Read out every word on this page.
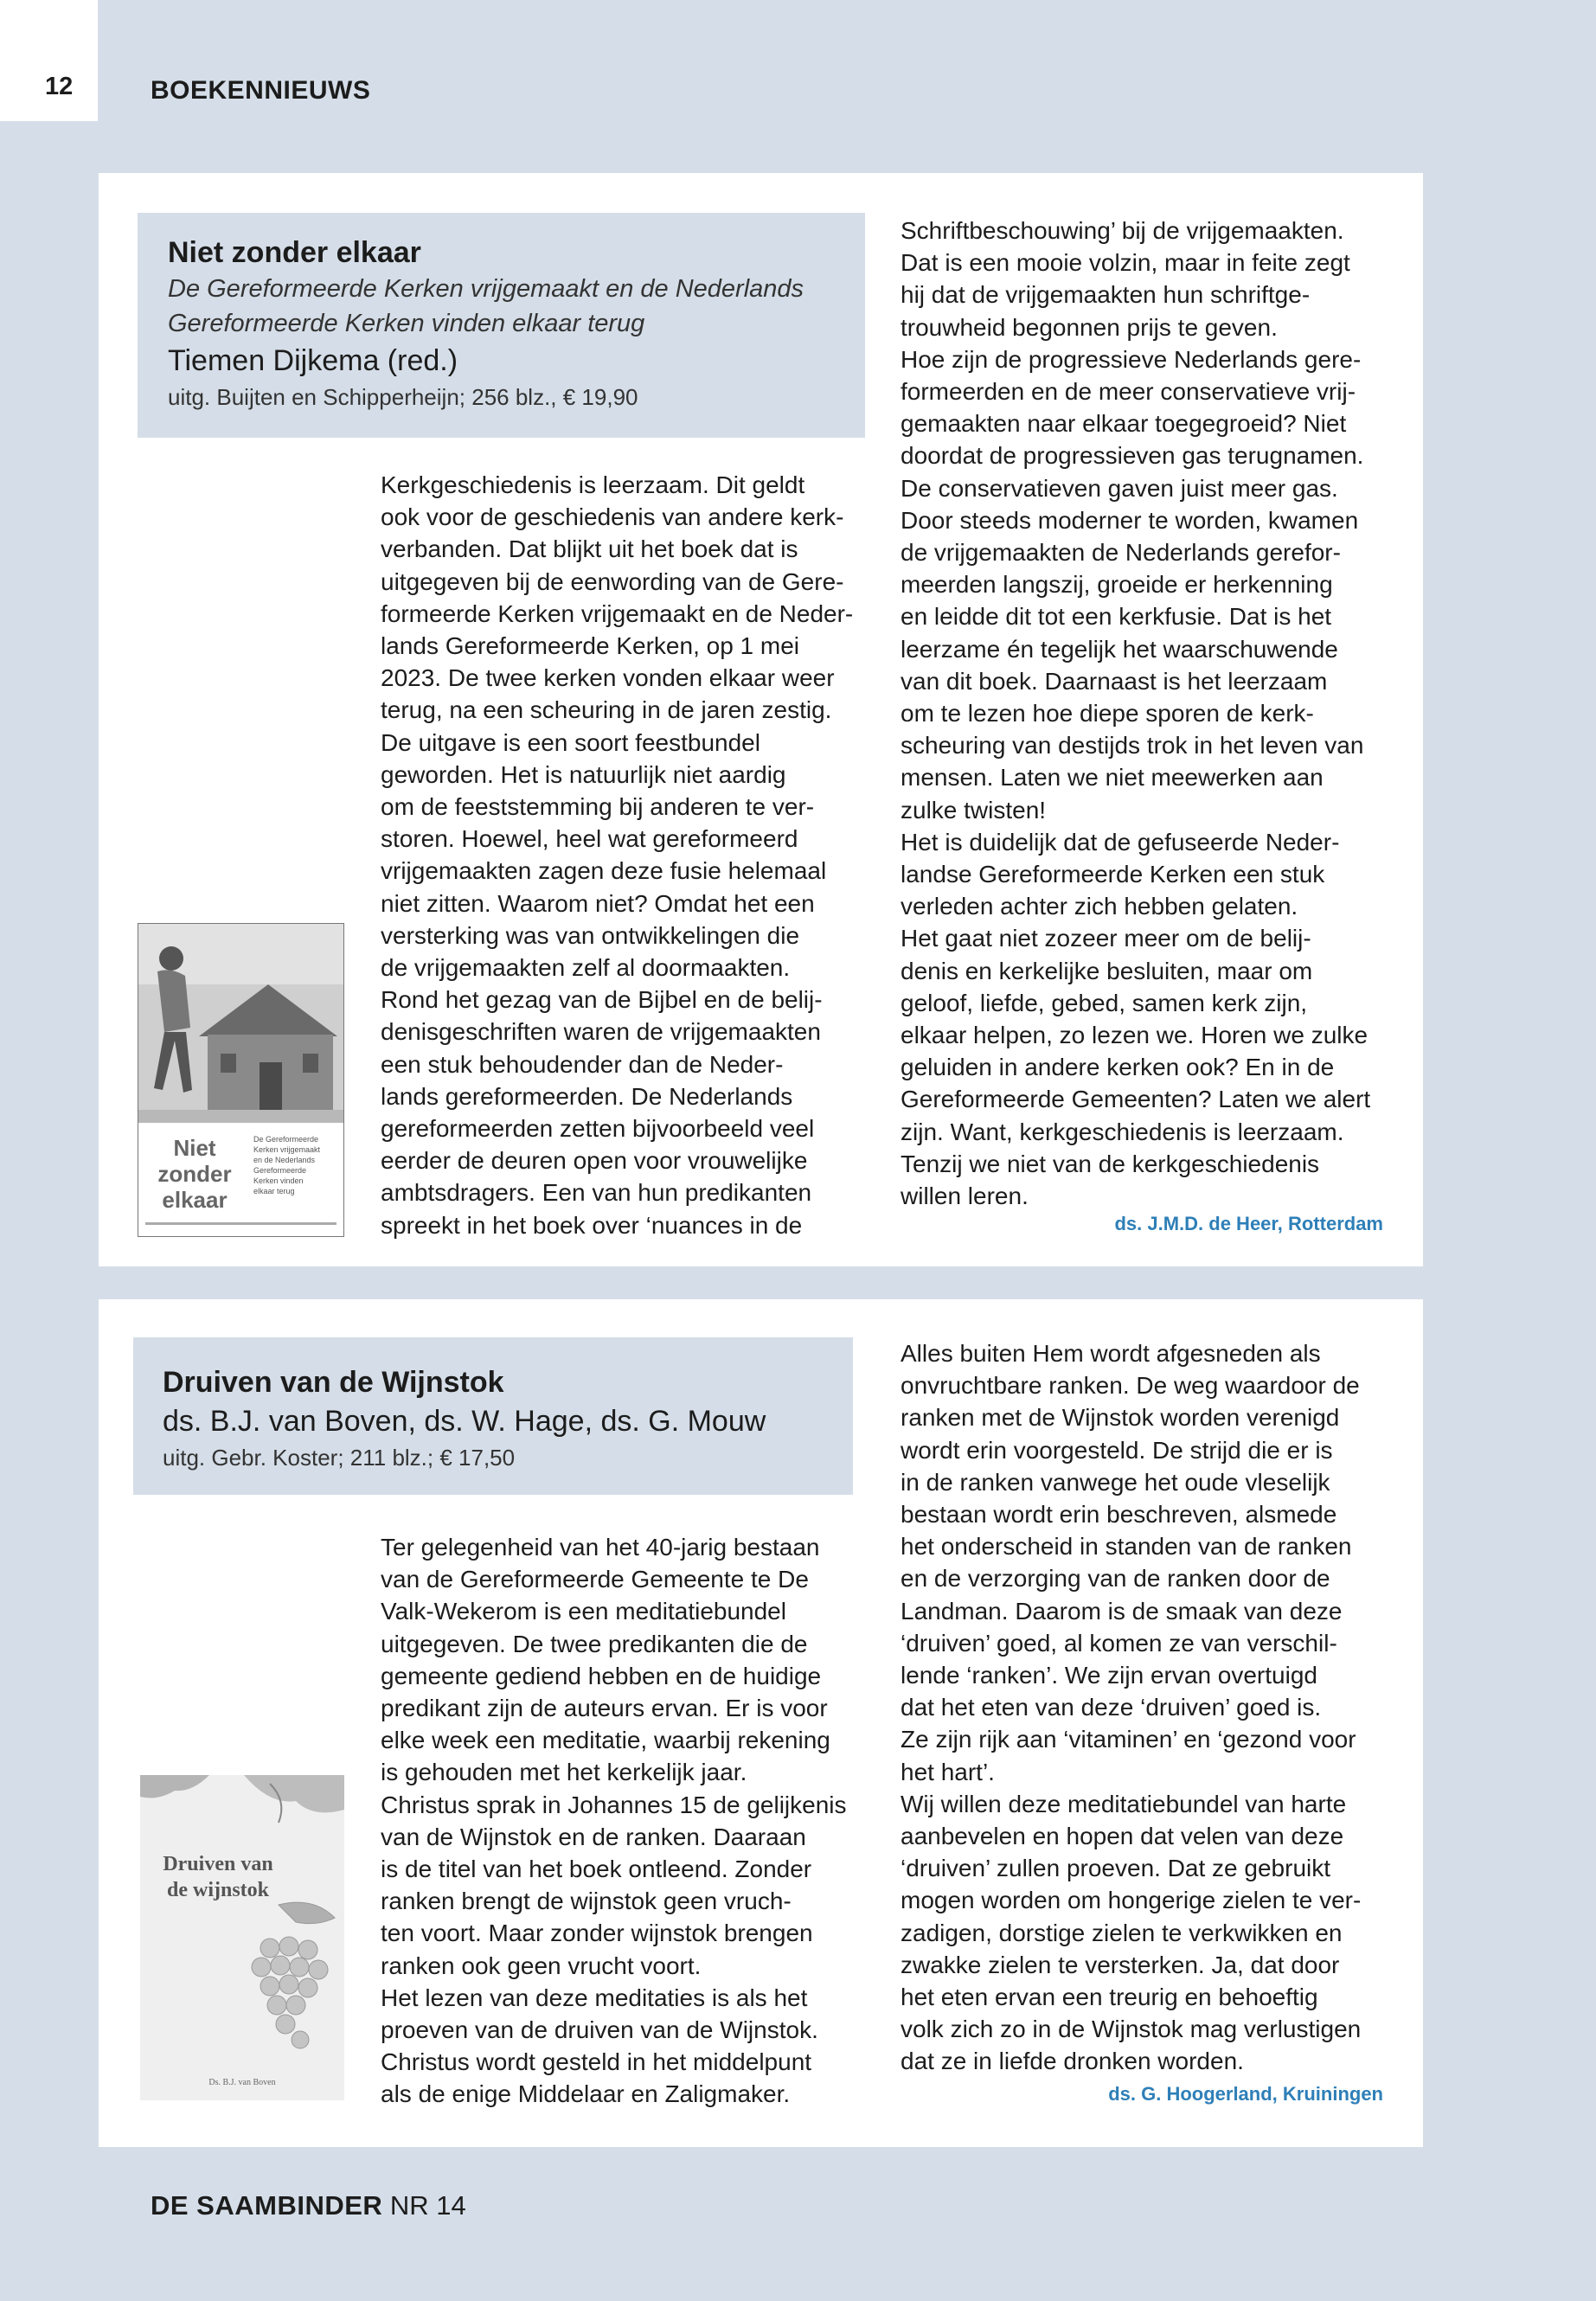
12	BOEKENNIEUWS
Niet zonder elkaar
De Gereformeerde Kerken vrijgemaakt en de Nederlands
Gereformeerde Kerken vinden elkaar terug
Tiemen Dijkema (red.)
uitg. Buijten en Schipperheijn; 256 blz., € 19,90
Kerkgeschiedenis is leerzaam. Dit geldt
ook voor de geschiedenis van andere kerk-
verbanden. Dat blijkt uit het boek dat is
uitgegeven bij de eenwording van de Gere-
formeerde Kerken vrijgemaakt en de Neder-
lands Gereformeerde Kerken, op 1 mei
2023. De twee kerken vonden elkaar weer
terug, na een scheuring in de jaren zestig.
De uitgave is een soort feestbundel
geworden. Het is natuurlijk niet aardig
om de feeststemming bij anderen te ver-
storen. Hoewel, heel wat gereformeerd
vrijgemaakten zagen deze fusie helemaal
niet zitten. Waarom niet? Omdat het een
versterking was van ontwikkelingen die
de vrijgemaakten zelf al doormaakten.
Rond het gezag van de Bijbel en de belij-
denisgeschriften waren de vrijgemaakten
een stuk behoudender dan de Neder-
lands gereformeerden. De Nederlands
gereformeerden zetten bijvoorbeeld veel
eerder de deuren open voor vrouwelijke
ambtsdragers. Een van hun predikanten
spreekt in het boek over ‘nuances in de
Schriftbeschouwing’ bij de vrijgemaakten.
Dat is een mooie volzin, maar in feite zegt
hij dat de vrijgemaakten hun schriftge-
trouwheid begonnen prijs te geven.
Hoe zijn de progressieve Nederlands gere-
formeerden en de meer conservatieve vrij-
gemaakten naar elkaar toegegroeid? Niet
doordat de progressieven gas terugnamen.
De conservatieven gaven juist meer gas.
Door steeds moderner te worden, kwamen
de vrijgemaakten de Nederlands gerefor-
meerden langszij, groeide er herkenning
en leidde dit tot een kerkfusie. Dat is het
leerzame én tegelijk het waarschuwende
van dit boek. Daarnaast is het leerzaam
om te lezen hoe diepe sporen de kerk-
scheuring van destijds trok in het leven van
mensen. Laten we niet meewerken aan
zulke twisten!
Het is duidelijk dat de gefuseerde Neder-
landse Gereformeerde Kerken een stuk
verleden achter zich hebben gelaten.
Het gaat niet zozeer meer om de belij-
denis en kerkelijke besluiten, maar om
geloof, liefde, gebed, samen kerk zijn,
elkaar helpen, zo lezen we. Horen we zulke
geluiden in andere kerken ook? En in de
Gereformeerde Gemeenten? Laten we alert
zijn. Want, kerkgeschiedenis is leerzaam.
Tenzij we niet van de kerkgeschiedenis
willen leren.
ds. J.M.D. de Heer, Rotterdam
Niet
zonder
elkaar
De Gereformeerde
Kerken vrijgemaakt
en de Nederlands
Gereformeerde
Kerken vinden
elkaar terug
Druiven van de Wijnstok
ds. B.J. van Boven, ds. W. Hage, ds. G. Mouw
uitg. Gebr. Koster; 211 blz.; € 17,50
Ter gelegenheid van het 40-jarig bestaan
van de Gereformeerde Gemeente te De
Valk-Wekerom is een meditatiebundel
uitgegeven. De twee predikanten die de
gemeente gediend hebben en de huidige
predikant zijn de auteurs ervan. Er is voor
elke week een meditatie, waarbij rekening
is gehouden met het kerkelijk jaar.
Christus sprak in Johannes 15 de gelijkenis
van de Wijnstok en de ranken. Daaraan
is de titel van het boek ontleend. Zonder
ranken brengt de wijnstok geen vruch-
ten voort. Maar zonder wijnstok brengen
ranken ook geen vrucht voort.
Het lezen van deze meditaties is als het
proeven van de druiven van de Wijnstok.
Christus wordt gesteld in het middelpunt
als de enige Middelaar en Zaligmaker.
Alles buiten Hem wordt afgesneden als
onvruchtbare ranken. De weg waardoor de
ranken met de Wijnstok worden verenigd
wordt erin voorgesteld. De strijd die er is
in de ranken vanwege het oude vleselijk
bestaan wordt erin beschreven, alsmede
het onderscheid in standen van de ranken
en de verzorging van de ranken door de
Landman. Daarom is de smaak van deze
‘druiven’ goed, al komen ze van verschil-
lende ‘ranken’. We zijn ervan overtuigd
dat het eten van deze ‘druiven’ goed is.
Ze zijn rijk aan ‘vitaminen’ en ‘gezond voor
het hart’.
Wij willen deze meditatiebundel van harte
aanbevelen en hopen dat velen van deze
‘druiven’ zullen proeven. Dat ze gebruikt
mogen worden om hongerige zielen te ver-
zadigen, dorstige zielen te verkwikken en
zwakke zielen te versterken. Ja, dat door
het eten ervan een treurig en behoeftig
volk zich zo in de Wijnstok mag verlustigen
dat ze in liefde dronken worden.
ds. G. Hoogerland, Kruiningen
Druiven van
de wijnstok
Ds. B.J. van Boven
DE SAAMBINDER NR 14
